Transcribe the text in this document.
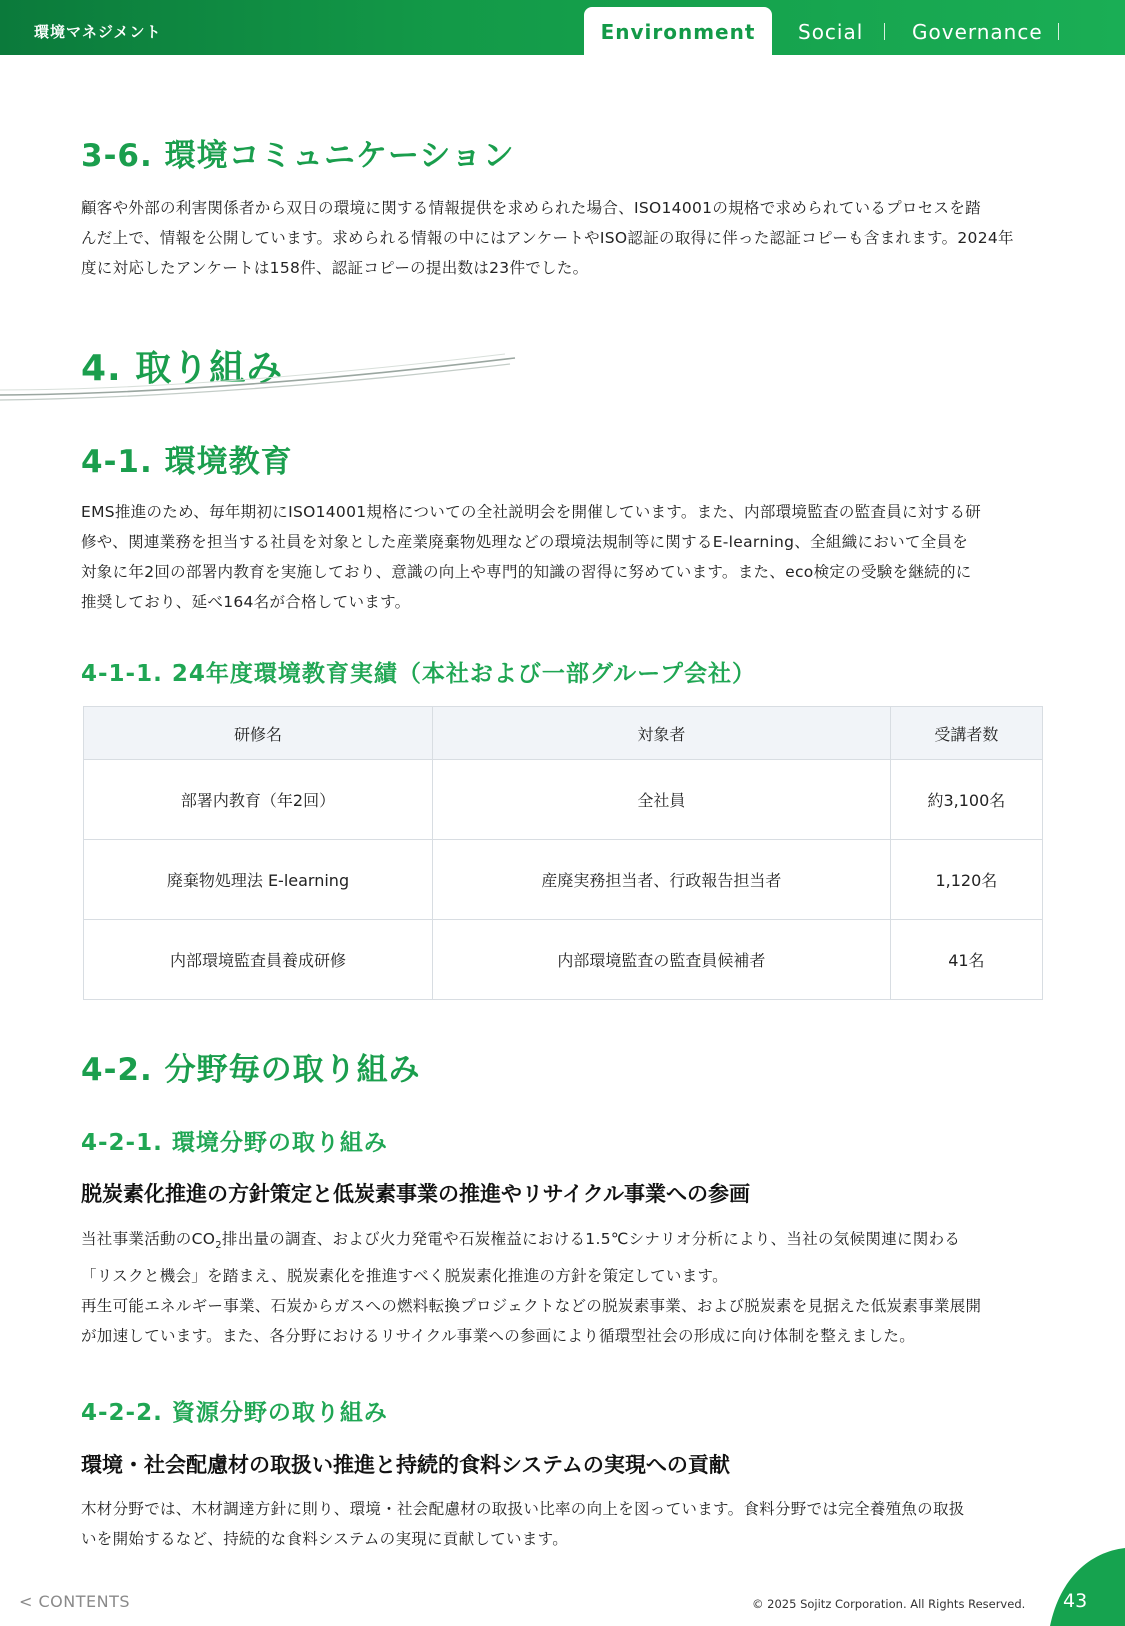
環境マネジメント	Environment	Social Governance
3-6. 環境コミュニケーション
顧客や外部の利害関係者から双日の環境に関する情報提供を求められた場合、ISO14001の規格で求められているプロセスを踏
んだ上で、情報を公開しています。求められる情報の中にはアンケートやISO認証の取得に伴った認証コピーも含まれます。2024年
度に対応したアンケートは158件、認証コピーの提出数は23件でした。
4. 取り組み
4-1. 環境教育
EMS推進のため、毎年期初にISO14001規格についての全社説明会を開催しています。また、内部環境監査の監査員に対する研
修や、関連業務を担当する社員を対象とした産業廃棄物処理などの環境法規制等に関するE-learning、全組織において全員を
対象に年2回の部署内教育を実施しており、意識の向上や専門的知識の習得に努めています。また、eco検定の受験を継続的に
推奨しており、延べ164名が合格しています。
4-1-1. 24年度環境教育実績（本社および一部グループ会社）
研修名	対象者	受講者数
部署内教育（年2回）	全社員	約3,100名
廃棄物処理法 E-learning	産廃実務担当者、行政報告担当者	1,120名
内部環境監査員養成研修	内部環境監査の監査員候補者	41名
4-2. 分野毎の取り組み
4-2-1. 環境分野の取り組み
脱炭素化推進の方針策定と低炭素事業の推進やリサイクル事業への参画
当社事業活動の$CO_2$排出量の調査、および火力発電や石炭権益における1.5℃シナリオ分析により、当社の気候関連に関わる
「リスクと機会」を踏まえ、脱炭素化を推進すべく脱炭素化推進の方針を策定しています。
再生可能エネルギー事業、石炭からガスへの燃料転換プロジェクトなどの脱炭素事業、および脱炭素を見据えた低炭素事業展開
が加速しています。また、各分野におけるリサイクル事業への参画により循環型社会の形成に向け体制を整えました。
4-2-2. 資源分野の取り組み
環境・社会配慮材の取扱い推進と持続的食料システムの実現への貢献
木材分野では、木材調達方針に則り、環境・社会配慮材の取扱い比率の向上を図っています。食料分野では完全養殖魚の取扱
いを開始するなど、持続的な食料システムの実現に貢献しています。
< CONTENTS	© 2025 Sojitz Corporation. All Rights Reserved. 43
